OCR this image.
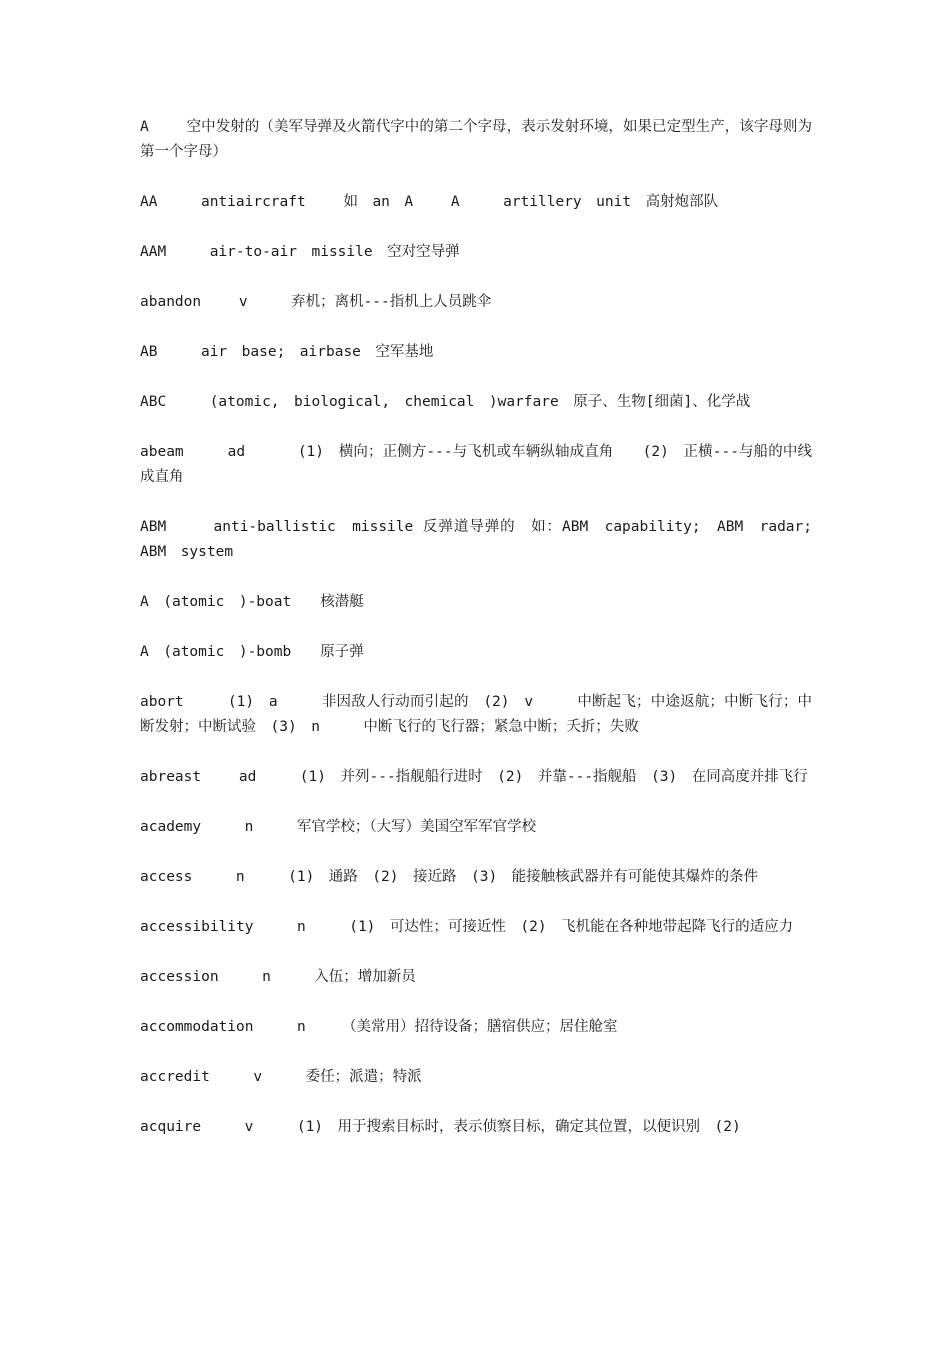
A　　 空中发射的（美军导弹及火箭代字中的第二个字母，表示发射环境，如果已定型生产，该字母则为第一个字母）

AA　　　antiaircraft　　 如　an　A　　 A　　　artillery　unit　高射炮部队

AAM　　　air-to-air　missile　空对空导弹

abandon　　 v　　　弃机；离机---指机上人员跳伞

AB　　　air　base;　airbase　空军基地

ABC　　　(atomic,　biological,　chemical　)warfare　原子、生物[细菌]、化学战

abeam　　　ad　　　 (1)　横向；正侧方---与飞机或车辆纵轴成直角　　(2)　正横---与船的中线成直角

ABM　　　anti-ballistic　missile 反弹道导弹的　如：ABM　capability;　ABM　radar;　ABM　system

A　(atomic　)-boat　　核潜艇

A　(atomic　)-bomb　　原子弹

abort　　　(1)　a　　　非因敌人行动而引起的　(2)　v　　　中断起飞；中途返航；中断飞行；中断发射；中断试验　(3)　n　　　中断飞行的飞行器；紧急中断；夭折；失败

abreast　　 ad　　　(1)　并列---指舰船行进时　(2)　并靠---指舰船　(3)　在同高度并排飞行

academy　　　n　　　军官学校；（大写）美国空军军官学校

access　　　n　　　(1)　通路　(2)　接近路　(3)　能接触核武器并有可能使其爆炸的条件

accessibility　　　n　　　(1)　可达性；可接近性　(2)　飞机能在各种地带起降飞行的适应力

accession　　　n　　　入伍；增加新员

accommodation　　　n　　　（美常用）招待设备；膳宿供应；居住舱室

accredit　　　v　　　委任；派遣；特派

acquire　　　v　　　(1)　用于搜索目标时，表示侦察目标，确定其位置，以便识别　(2)
